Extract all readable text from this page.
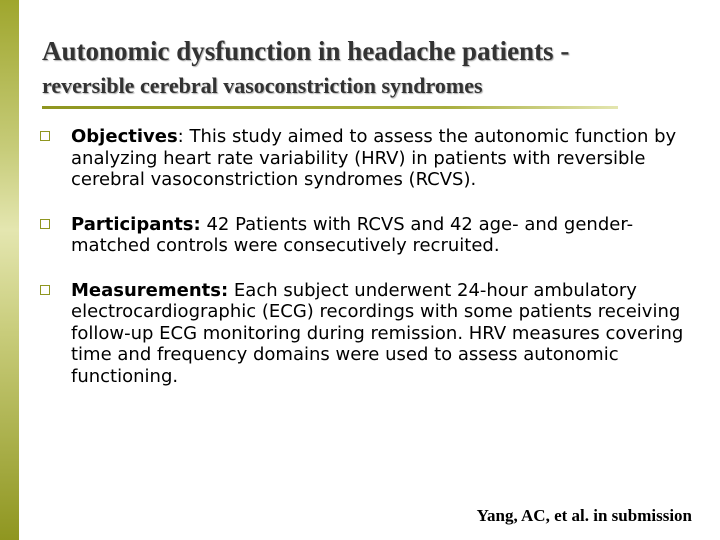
Autonomic dysfunction in headache patients -
reversible cerebral vasoconstriction syndromes
Objectives: This study aimed to assess the autonomic function by analyzing heart rate variability (HRV) in patients with reversible cerebral vasoconstriction syndromes (RCVS).
Participants: 42 Patients with RCVS and 42 age- and gender-matched controls were consecutively recruited.
Measurements: Each subject underwent 24-hour ambulatory electrocardiographic (ECG) recordings with some patients receiving follow-up ECG monitoring during remission. HRV measures covering time and frequency domains were used to assess autonomic functioning.
Yang, AC, et al. in submission
